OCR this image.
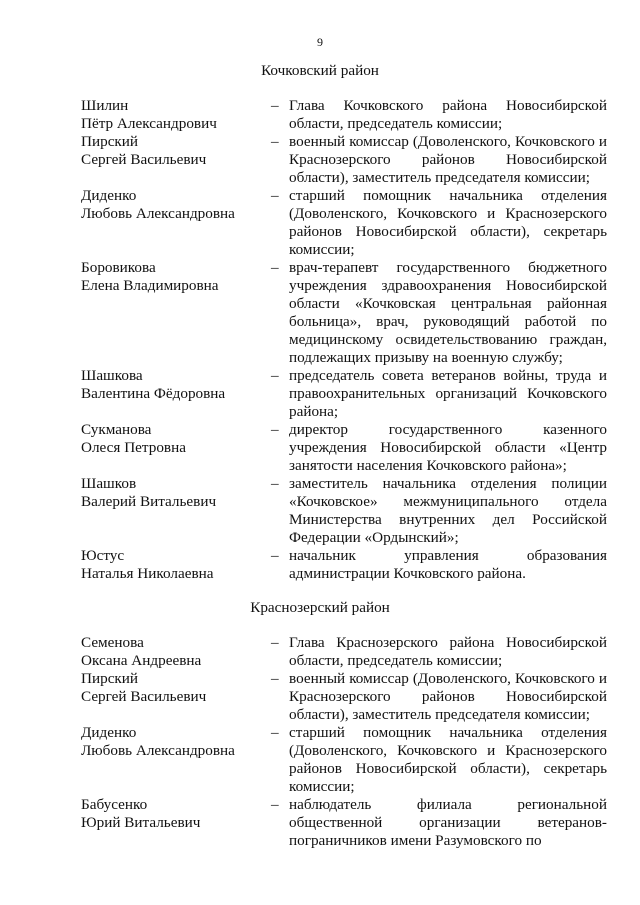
9
Кочковский район
Шилин
Пётр Александрович
– Глава Кочковского района Новосибирской области, председатель комиссии;
Пирский
Сергей Васильевич
– военный комиссар (Доволенского, Кочковского и Краснозерского районов Новосибирской области), заместитель председателя комиссии;
Диденко
Любовь Александровна
– старший помощник начальника отделения (Доволенского, Кочковского и Краснозерского районов Новосибирской области), секретарь комиссии;
Боровикова
Елена Владимировна
– врач-терапевт государственного бюджетного учреждения здравоохранения Новосибирской области «Кочковская центральная районная больница», врач, руководящий работой по медицинскому освидетельствованию граждан, подлежащих призыву на военную службу;
Шашкова
Валентина Фёдоровна
– председатель совета ветеранов войны, труда и правоохранительных организаций Кочковского района;
Сукманова
Олеся Петровна
– директор государственного казенного учреждения Новосибирской области «Центр занятости населения Кочковского района»;
Шашков
Валерий Витальевич
– заместитель начальника отделения полиции «Кочковское» межмуниципального отдела Министерства внутренних дел Российской Федерации «Ордынский»;
Юстус
Наталья Николаевна
– начальник управления образования администрации Кочковского района.
Краснозерский район
Семенова
Оксана Андреевна
– Глава Краснозерского района Новосибирской области, председатель комиссии;
Пирский
Сергей Васильевич
– военный комиссар (Доволенского, Кочковского и Краснозерского районов Новосибирской области), заместитель председателя комиссии;
Диденко
Любовь Александровна
– старший помощник начальника отделения (Доволенского, Кочковского и Краснозерского районов Новосибирской области), секретарь комиссии;
Бабусенко
Юрий Витальевич
– наблюдатель филиала региональной общественной организации ветеранов-пограничников имени Разумовского по
